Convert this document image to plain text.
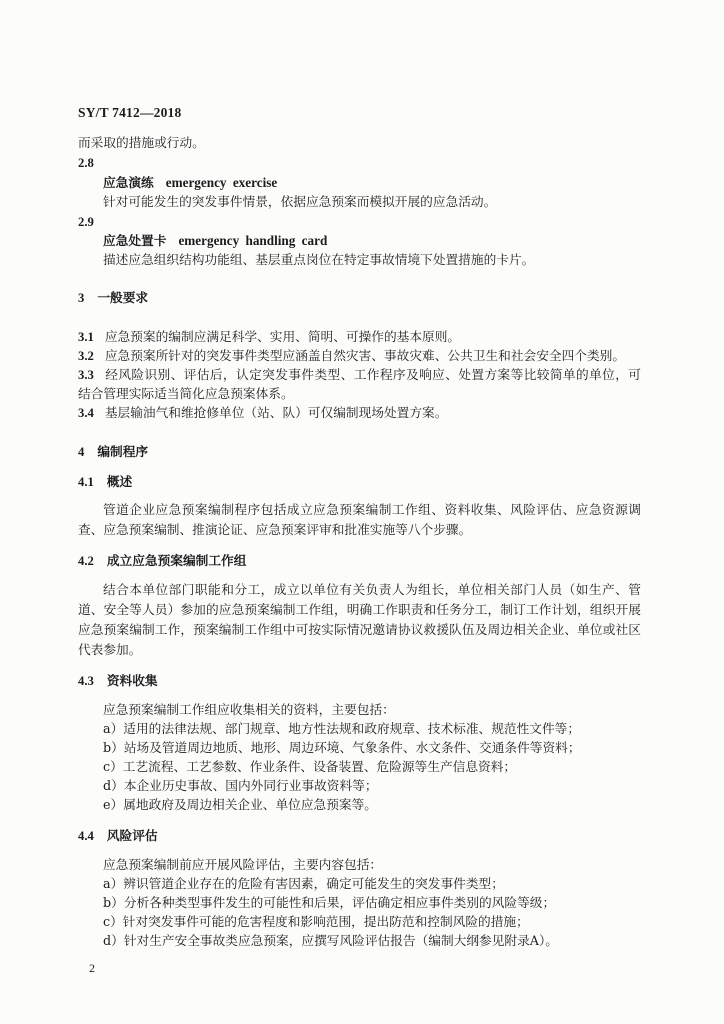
SY/T 7412—2018
而采取的措施或行动。
2.8
应急演练 emergency exercise
针对可能发生的突发事件情景，依据应急预案而模拟开展的应急活动。
2.9
应急处置卡 emergency handling card
描述应急组织结构功能组、基层重点岗位在特定事故情境下处置措施的卡片。
3 一般要求
3.1 应急预案的编制应满足科学、实用、简明、可操作的基本原则。
3.2 应急预案所针对的突发事件类型应涵盖自然灾害、事故灾难、公共卫生和社会安全四个类别。
3.3 经风险识别、评估后，认定突发事件类型、工作程序及响应、处置方案等比较简单的单位，可
结合管理实际适当简化应急预案体系。
3.4 基层输油气和维抢修单位（站、队）可仅编制现场处置方案。
4 编制程序
4.1 概述
管道企业应急预案编制程序包括成立应急预案编制工作组、资料收集、风险评估、应急资源调
查、应急预案编制、推演论证、应急预案评审和批准实施等八个步骤。
4.2 成立应急预案编制工作组
结合本单位部门职能和分工，成立以单位有关负责人为组长，单位相关部门人员（如生产、管
道、安全等人员）参加的应急预案编制工作组，明确工作职责和任务分工，制订工作计划，组织开展
应急预案编制工作，预案编制工作组中可按实际情况邀请协议救援队伍及周边相关企业、单位或社区
代表参加。
4.3 资料收集
应急预案编制工作组应收集相关的资料，主要包括：
a）适用的法律法规、部门规章、地方性法规和政府规章、技术标准、规范性文件等；
b）站场及管道周边地质、地形、周边环境、气象条件、水文条件、交通条件等资料；
c）工艺流程、工艺参数、作业条件、设备装置、危险源等生产信息资料；
d）本企业历史事故、国内外同行业事故资料等；
e）属地政府及周边相关企业、单位应急预案等。
4.4 风险评估
应急预案编制前应开展风险评估，主要内容包括：
a）辨识管道企业存在的危险有害因素，确定可能发生的突发事件类型；
b）分析各种类型事件发生的可能性和后果，评估确定相应事件类别的风险等级；
c）针对突发事件可能的危害程度和影响范围，提出防范和控制风险的措施；
d）针对生产安全事故类应急预案，应撰写风险评估报告（编制大纲参见附录A）。
2
